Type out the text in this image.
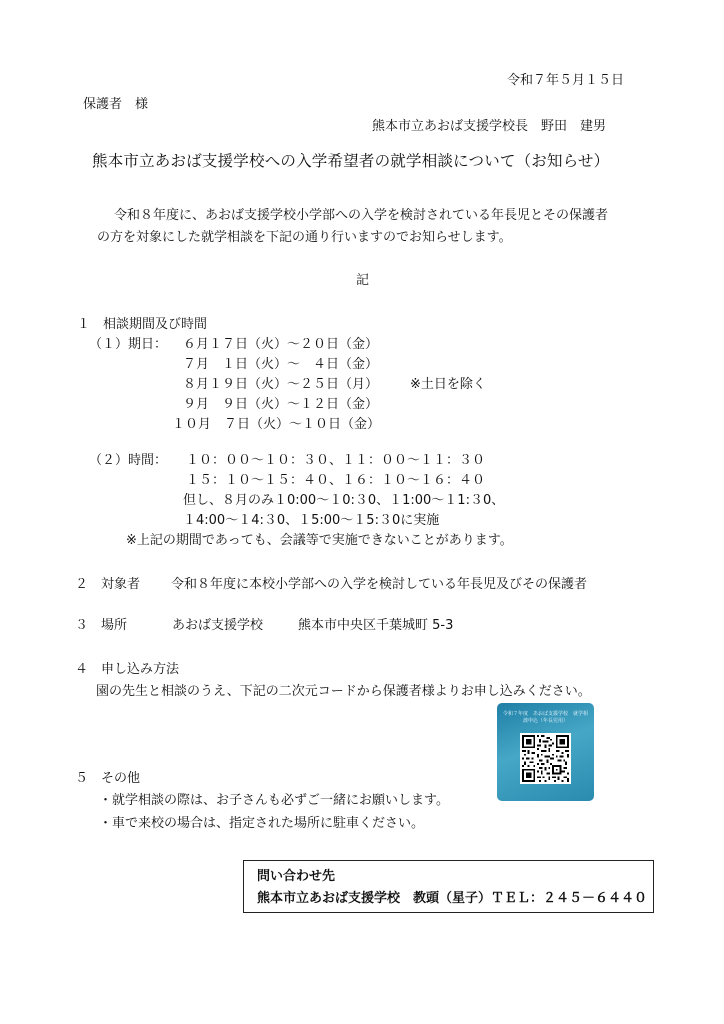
令和７年５月１５日
保護者　様
熊本市立あおば支援学校長　野田　建男
熊本市立あおば支援学校への入学希望者の就学相談について（お知らせ）
令和８年度に、あおば支援学校小学部への入学を検討されている年長児とその保護者
の方を対象にした就学相談を下記の通り行いますのでお知らせします。
記
１　相談期間及び時間
（１）期日： ６月１７日（火）～２０日（金）
７月　１日（火）～　４日（金）
８月１９日（火）～２５日（月） ※土日を除く
９月　９日（火）～１２日（金）
１０月　７日（火）～１０日（金）
（２）時間： １０：００～１０：３０、１１：００～１１：３０
１５：１０～１５：４０、１６：１０～１６：４０
但し、８月のみ１0:00～１0:３0、１1:00～１1:３0、
１4:00～１4:３0、１5:00～１5:３0に実施
※上記の期間であっても、会議等で実施できないことがあります。
２　対象者 令和８年度に本校小学部への入学を検討している年長児及びその保護者
３　場所	あおば支援学校	熊本市中央区千葉城町 5-3
４　申し込み方法
園の先生と相談のうえ、下記の二次元コードから保護者様よりお申し込みください。
令和７年度　あおば支援学校　就学相談申込（年長児用）
５　その他
・就学相談の際は、お子さんも必ずご一緒にお願いします。
・車で来校の場合は、指定された場所に駐車ください。
問い合わせ先
熊本市立あおば支援学校　教頭（星子）ＴＥＬ：２４５－６４４０
